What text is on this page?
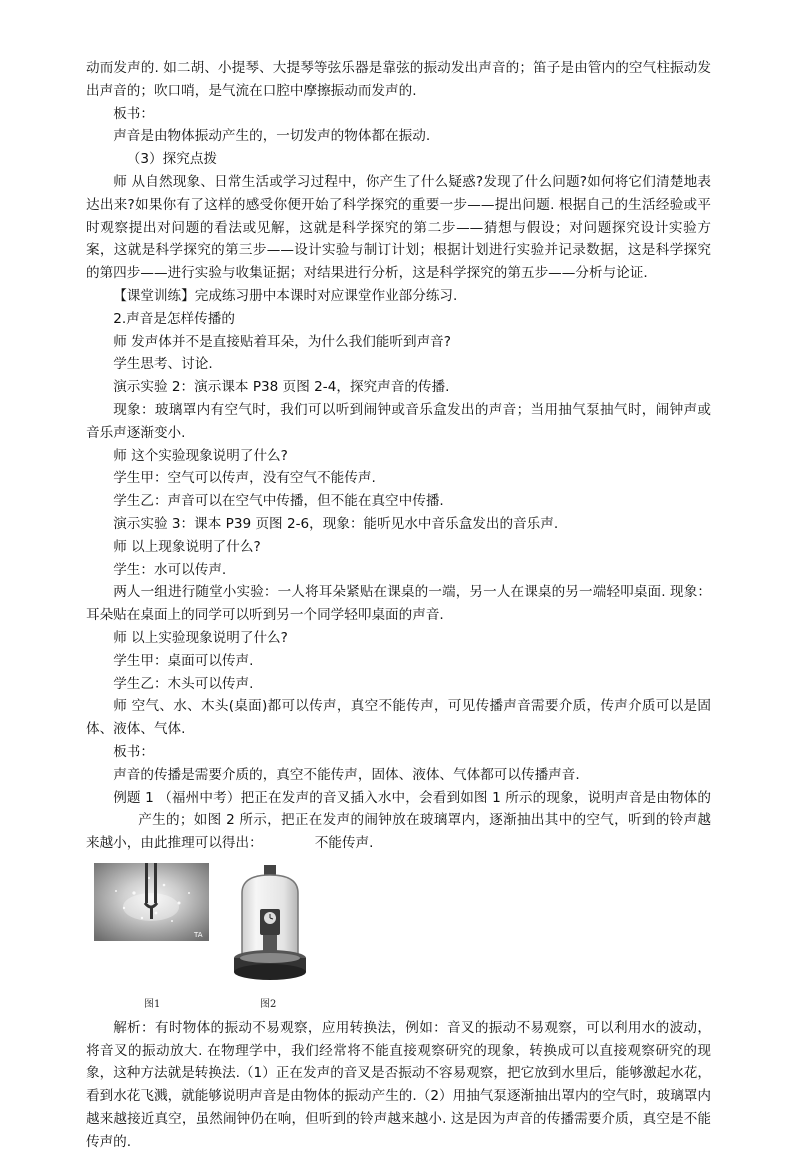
动而发声的. 如二胡、小提琴、大提琴等弦乐器是靠弦的振动发出声音的；笛子是由管内的空气柱振动发出声音的；吹口哨，是气流在口腔中摩擦振动而发声的.

板书：

声音是由物体振动产生的，一切发声的物体都在振动.

（3）探究点拨

师 从自然现象、日常生活或学习过程中，你产生了什么疑惑?发现了什么问题?如何将它们清楚地表达出来?如果你有了这样的感受你便开始了科学探究的重要一步——提出问题. 根据自己的生活经验或平时观察提出对问题的看法或见解，这就是科学探究的第二步——猜想与假设；对问题探究设计实验方案，这就是科学探究的第三步——设计实验与制订计划；根据计划进行实验并记录数据，这是科学探究的第四步——进行实验与收集证据；对结果进行分析，这是科学探究的第五步——分析与论证.

【课堂训练】完成练习册中本课时对应课堂作业部分练习.

2.声音是怎样传播的

师 发声体并不是直接贴着耳朵，为什么我们能听到声音?

学生思考、讨论.

演示实验 2：演示课本 P38 页图 2-4，探究声音的传播.

现象：玻璃罩内有空气时，我们可以听到闹钟或音乐盒发出的声音；当用抽气泵抽气时，闹钟声或音乐声逐渐变小.

师 这个实验现象说明了什么?

学生甲：空气可以传声，没有空气不能传声.

学生乙：声音可以在空气中传播，但不能在真空中传播.

演示实验 3：课本 P39 页图 2-6，现象：能听见水中音乐盒发出的音乐声.

师 以上现象说明了什么?

学生：水可以传声.

两人一组进行随堂小实验：一人将耳朵紧贴在课桌的一端，另一人在课桌的另一端轻叩桌面. 现象：耳朵贴在桌面上的同学可以听到另一个同学轻叩桌面的声音.

师 以上实验现象说明了什么?

学生甲：桌面可以传声.

学生乙：木头可以传声.

师 空气、水、木头(桌面)都可以传声，真空不能传声，可见传播声音需要介质，传声介质可以是固体、液体、气体.

板书：

声音的传播是需要介质的，真空不能传声，固体、液体、气体都可以传播声音.

例题 1 （福州中考）把正在发声的音叉插入水中，会看到如图 1 所示的现象，说明声音是由物体的产生的；如图 2 所示，把正在发声的闹钟放在玻璃罩内，逐渐抽出其中的空气，听到的铃声越来越小，由此推理可以得出：	不能传声.

TA
图1	图2

解析：有时物体的振动不易观察，应用转换法，例如：音叉的振动不易观察，可以利用水的波动，将音叉的振动放大. 在物理学中，我们经常将不能直接观察研究的现象，转换成可以直接观察研究的现象，这种方法就是转换法.（1）正在发声的音叉是否振动不容易观察，把它放到水里后，能够激起水花，看到水花飞溅，就能够说明声音是由物体的振动产生的.（2）用抽气泵逐渐抽出罩内的空气时，玻璃罩内越来越接近真空，虽然闹钟仍在响，但听到的铃声越来越小. 这是因为声音的传播需要介质，真空是不能传声的.
